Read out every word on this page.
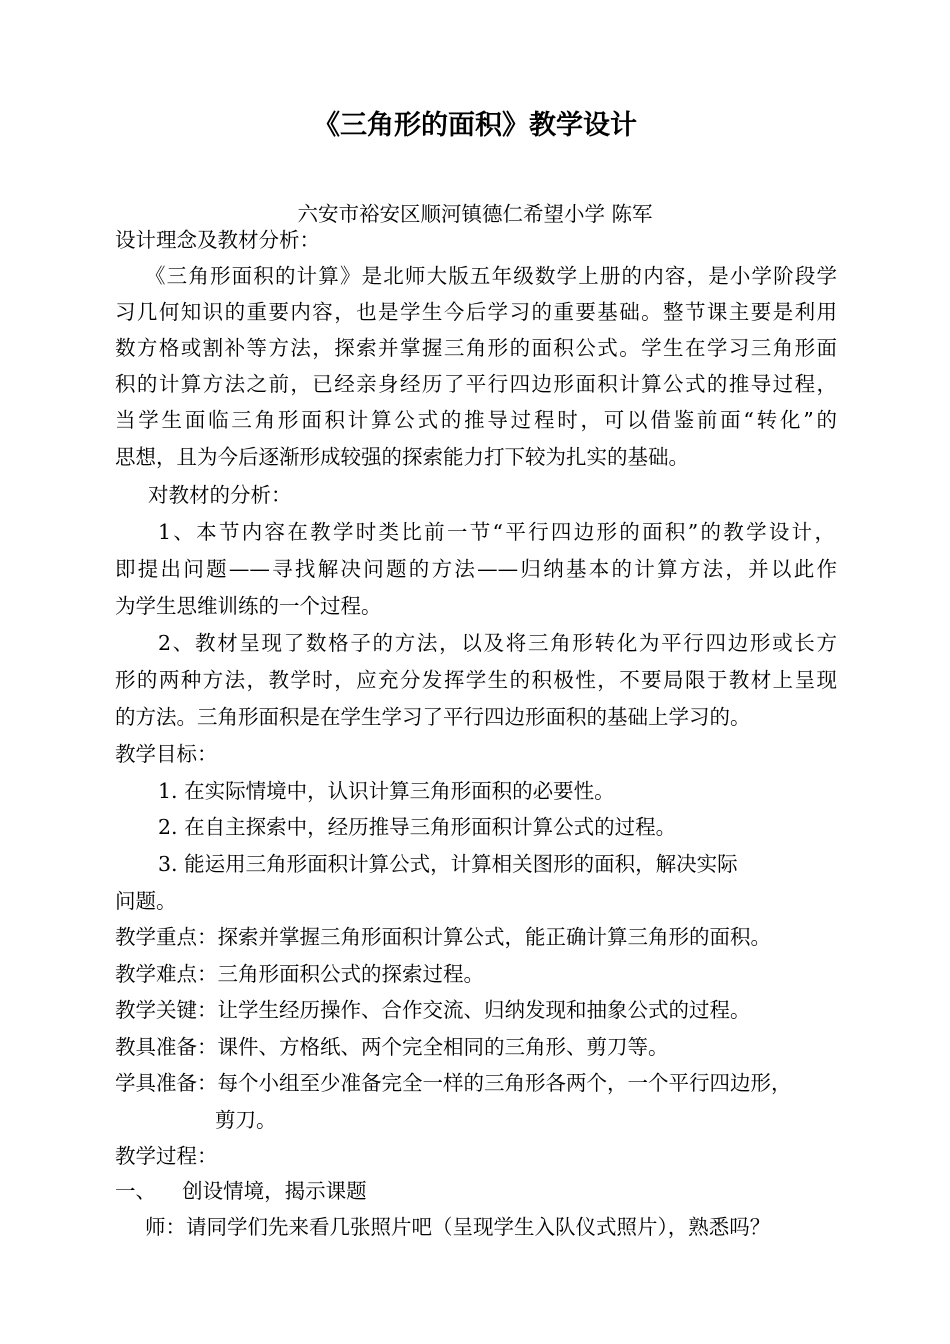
《三角形的面积》教学设计
六安市裕安区顺河镇德仁希望小学 陈军
设计理念及教材分析：
《三角形面积的计算》是北师大版五年级数学上册的内容，是小学阶段学
习几何知识的重要内容，也是学生今后学习的重要基础。整节课主要是利用
数方格或割补等方法，探索并掌握三角形的面积公式。学生在学习三角形面
积的计算方法之前，已经亲身经历了平行四边形面积计算公式的推导过程，
当学生面临三角形面积计算公式的推导过程时，可以借鉴前面“转化”的
思想，且为今后逐渐形成较强的探索能力打下较为扎实的基础。
对教材的分析：
1、本节内容在教学时类比前一节“平行四边形的面积”的教学设计，
即提出问题——寻找解决问题的方法——归纳基本的计算方法，并以此作
为学生思维训练的一个过程。
2、教材呈现了数格子的方法，以及将三角形转化为平行四边形或长方
形的两种方法，教学时，应充分发挥学生的积极性，不要局限于教材上呈现
的方法。三角形面积是在学生学习了平行四边形面积的基础上学习的。
教学目标：
1. 在实际情境中，认识计算三角形面积的必要性。
2. 在自主探索中，经历推导三角形面积计算公式的过程。
3. 能运用三角形面积计算公式，计算相关图形的面积，解决实际
问题。
教学重点：探索并掌握三角形面积计算公式，能正确计算三角形的面积。
教学难点：三角形面积公式的探索过程。
教学关键：让学生经历操作、合作交流、归纳发现和抽象公式的过程。
教具准备：课件、方格纸、两个完全相同的三角形、剪刀等。
学具准备：每个小组至少准备完全一样的三角形各两个，一个平行四边形，
剪刀。
教学过程：
一、    创设情境，揭示课题
师：请同学们先来看几张照片吧（呈现学生入队仪式照片），熟悉吗？
